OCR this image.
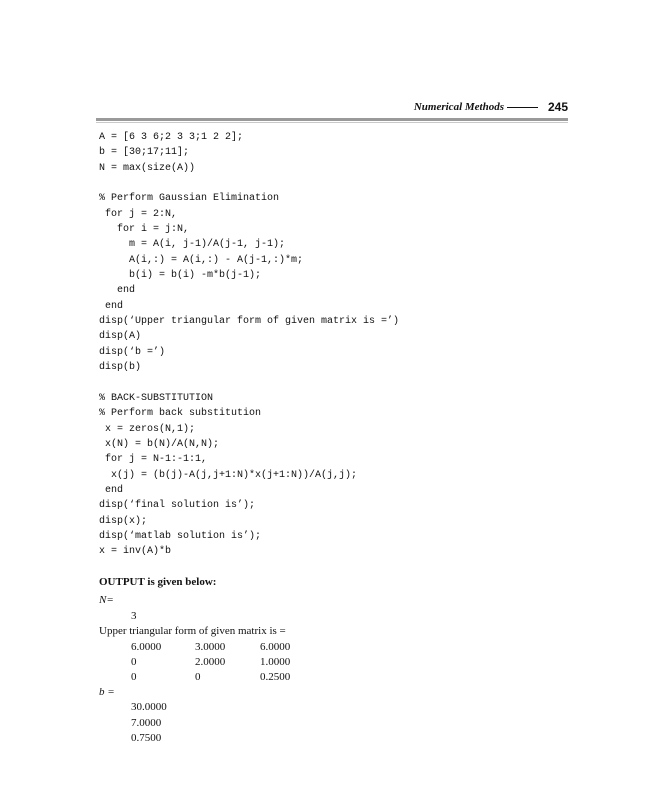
Numerical Methods	245
A = [6 3 6;2 3 3;1 2 2];
b = [30;17;11];
N = max(size(A))
% Perform Gaussian Elimination
for j = 2:N,
for i = j:N,
m = A(i, j-1)/A(j-1, j-1);
A(i,:) = A(i,:) - A(j-1,:)*m;
b(i) = b(i) -m*b(j-1);
end
end
disp(‘Upper triangular form of given matrix is =’)
disp(A)
disp(‘b =’)
disp(b)
% BACK-SUBSTITUTION
% Perform back substitution
x = zeros(N,1);
x(N) = b(N)/A(N,N);
for j = N-1:-1:1,
x(j) = (b(j)-A(j,j+1:N)*x(j+1:N))/A(j,j);
end
disp(‘final solution is’);
disp(x);
disp(‘matlab solution is’);
x = inv(A)*b
OUTPUT is given below:
N=
3
Upper triangular form of given matrix is =
6.0000	3.0000	6.0000
0	2.0000	1.0000
0	0	0.2500
b =
30.0000
7.0000
0.7500
